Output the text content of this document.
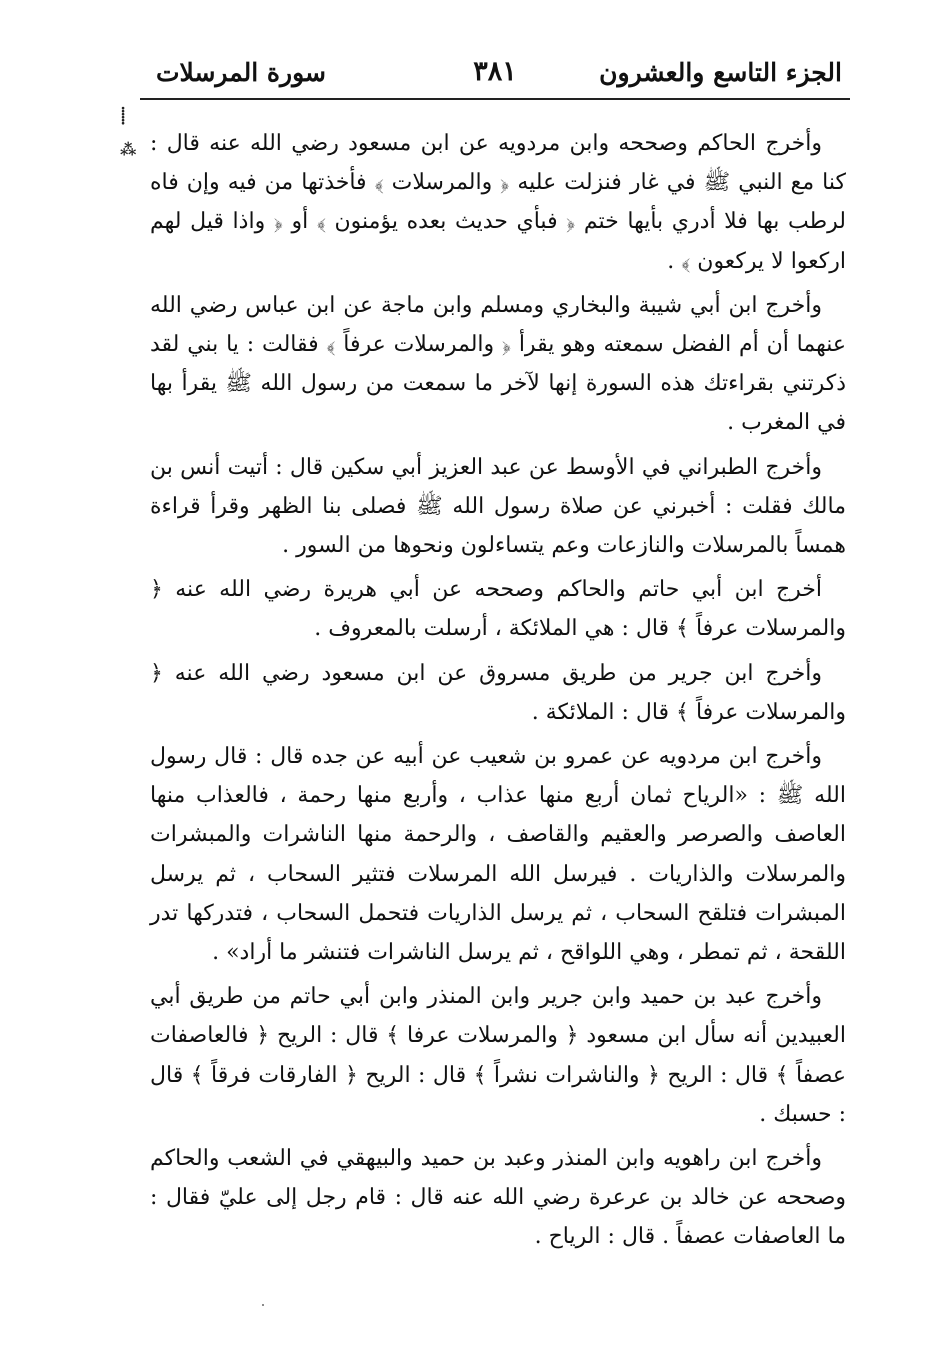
الجزء التاسع والعشرون
٣٨١
سورة المرسلات
⸽
⁂ وأخرج الحاكم وصححه وابن مردويه عن ابن مسعود رضي الله عنه قال : كنا مع النبي ﷺ في غار فنزلت عليه ﴿ والمرسلات ﴾ فأخذتها من فيه وإن فاه لرطب بها فلا أدري بأيها ختم ﴿ فبأي حديث بعده يؤمنون ﴾ أو ﴿ واذا قيل لهم اركعوا لا يركعون ﴾ .

وأخرج ابن أبي شيبة والبخاري ومسلم وابن ماجة عن ابن عباس رضي الله عنهما أن أم الفضل سمعته وهو يقرأ ﴿ والمرسلات عرفاً ﴾ فقالت : يا بني لقد ذكرتني بقراءتك هذه السورة إنها لآخر ما سمعت من رسول الله ﷺ يقرأ بها في المغرب .

وأخرج الطبراني في الأوسط عن عبد العزيز أبي سكين قال : أتيت أنس بن مالك فقلت : أخبرني عن صلاة رسول الله ﷺ فصلى بنا الظهر وقرأ قراءة همساً بالمرسلات والنازعات وعم يتساءلون ونحوها من السور .

أخرج ابن أبي حاتم والحاكم وصححه عن أبي هريرة رضي الله عنه ﴿ والمرسلات عرفاً ﴾ قال : هي الملائكة ، أرسلت بالمعروف .

وأخرج ابن جرير من طريق مسروق عن ابن مسعود رضي الله عنه ﴿ والمرسلات عرفاً ﴾ قال : الملائكة .

وأخرج ابن مردويه عن عمرو بن شعيب عن أبيه عن جده قال : قال رسول الله ﷺ : «الرياح ثمان أربع منها عذاب ، وأربع منها رحمة ، فالعذاب منها العاصف والصرصر والعقيم والقاصف ، والرحمة منها الناشرات والمبشرات والمرسلات والذاريات . فيرسل الله المرسلات فتثير السحاب ، ثم يرسل المبشرات فتلقح السحاب ، ثم يرسل الذاريات فتحمل السحاب ، فتدركها تدر اللقحة ، ثم تمطر ، وهي اللواقح ، ثم يرسل الناشرات فتنشر ما أراد» .

وأخرج عبد بن حميد وابن جرير وابن المنذر وابن أبي حاتم من طريق أبي العبيدين أنه سأل ابن مسعود ﴿ والمرسلات عرفا ﴾ قال : الريح ﴿ فالعاصفات عصفاً ﴾ قال : الريح ﴿ والناشرات نشراً ﴾ قال : الريح ﴿ الفارقات فرقاً ﴾ قال : حسبك .

وأخرج ابن راهويه وابن المنذر وعبد بن حميد والبيهقي في الشعب والحاكم وصححه عن خالد بن عرعرة رضي الله عنه قال : قام رجل إلى عليّ فقال : ما العاصفات عصفاً . قال : الرياح .
